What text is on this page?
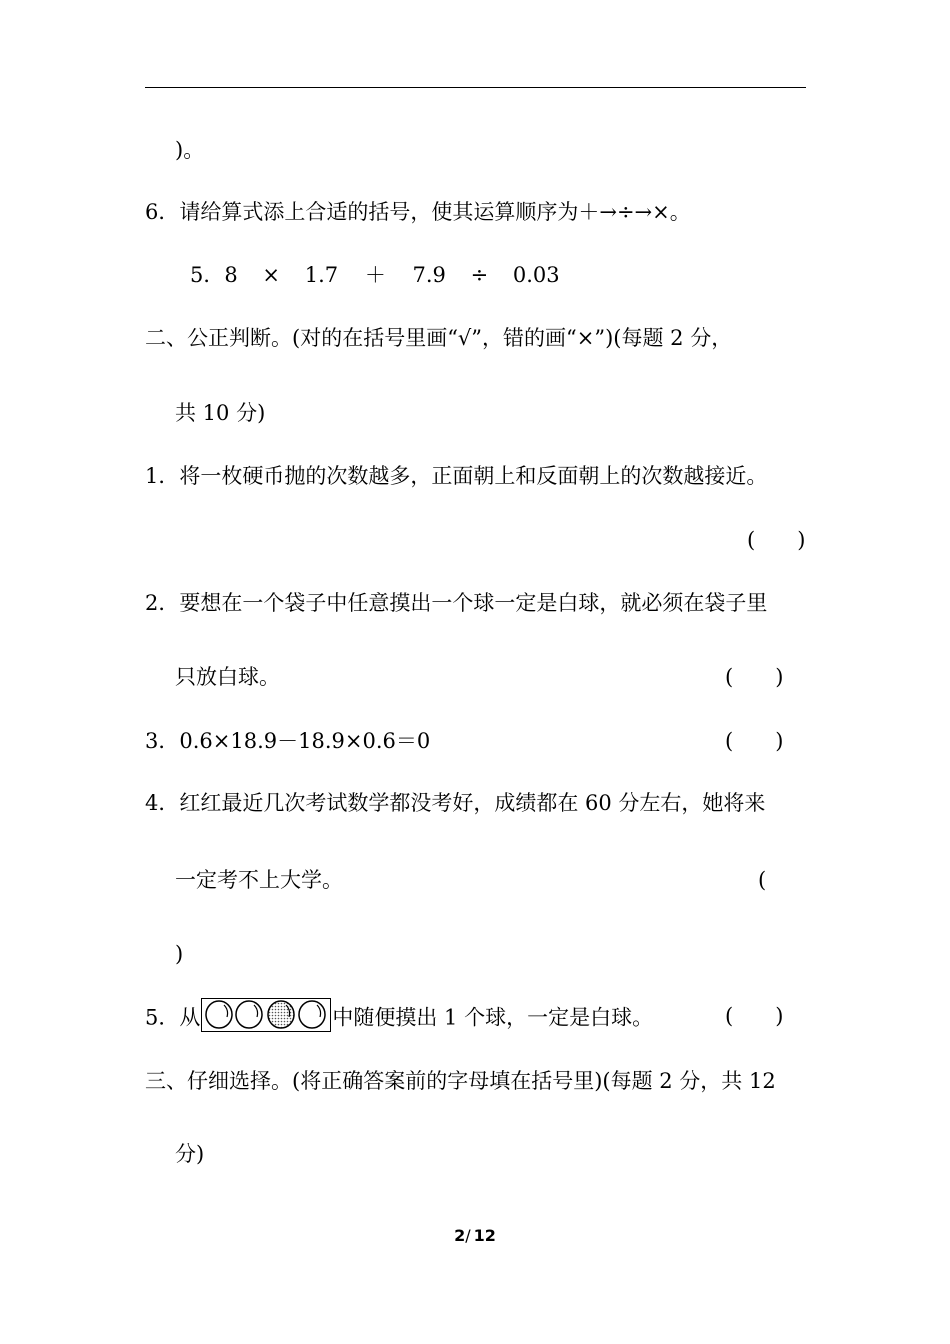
)。
6．请给算式添上合适的括号，使其运算顺序为＋→÷→×。
5．8 × 1.7 ＋ 7.9 ÷ 0.03
二、公正判断。(对的在括号里画“√”，错的画“×”)(每题 2 分，
共 10 分)
1．将一枚硬币抛的次数越多，正面朝上和反面朝上的次数越接近。
(　　)
2．要想在一个袋子中任意摸出一个球一定是白球，就必须在袋子里
只放白球。	(　　)
3．0.6×18.9－18.9×0.6＝0	(　　)
4．红红最近几次考试数学都没考好，成绩都在 60 分左右，她将来
一定考不上大学。	(
)
5．从	中随便摸出 1 个球，一定是白球。	(　　)
三、仔细选择。(将正确答案前的字母填在括号里)(每题 2 分，共 12
分)
2/ 12
